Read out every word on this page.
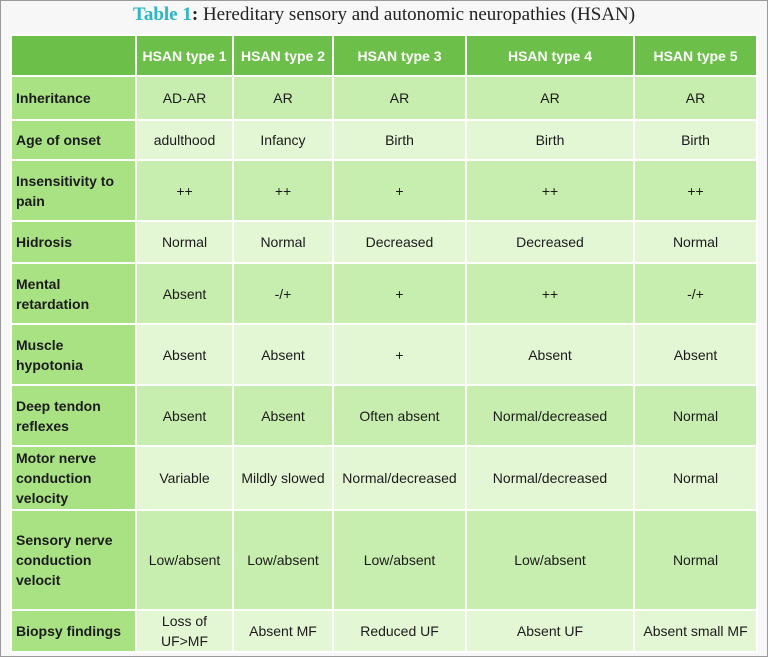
Table 1: Hereditary sensory and autonomic neuropathies (HSAN)
	HSAN type 1	HSAN type 2	HSAN type 3	HSAN type 4	HSAN type 5
Inheritance	AD-AR	AR	AR	AR	AR
Age of onset	adulthood	Infancy	Birth	Birth	Birth
Insensitivity to pain	++	++	+	++	++
Hidrosis	Normal	Normal	Decreased	Decreased	Normal
Mental retardation	Absent	-/+	+	++	-/+
Muscle hypotonia	Absent	Absent	+	Absent	Absent
Deep tendon reflexes	Absent	Absent	Often absent	Normal/decreased	Normal
Motor nerve conduction velocity	Variable	Mildly slowed	Normal/decreased	Normal/decreased	Normal
Sensory nerve conduction velocit	Low/absent	Low/absent	Low/absent	Low/absent	Normal
Biopsy findings	Loss of UF>MF	Absent MF	Reduced UF	Absent UF	Absent small MF
